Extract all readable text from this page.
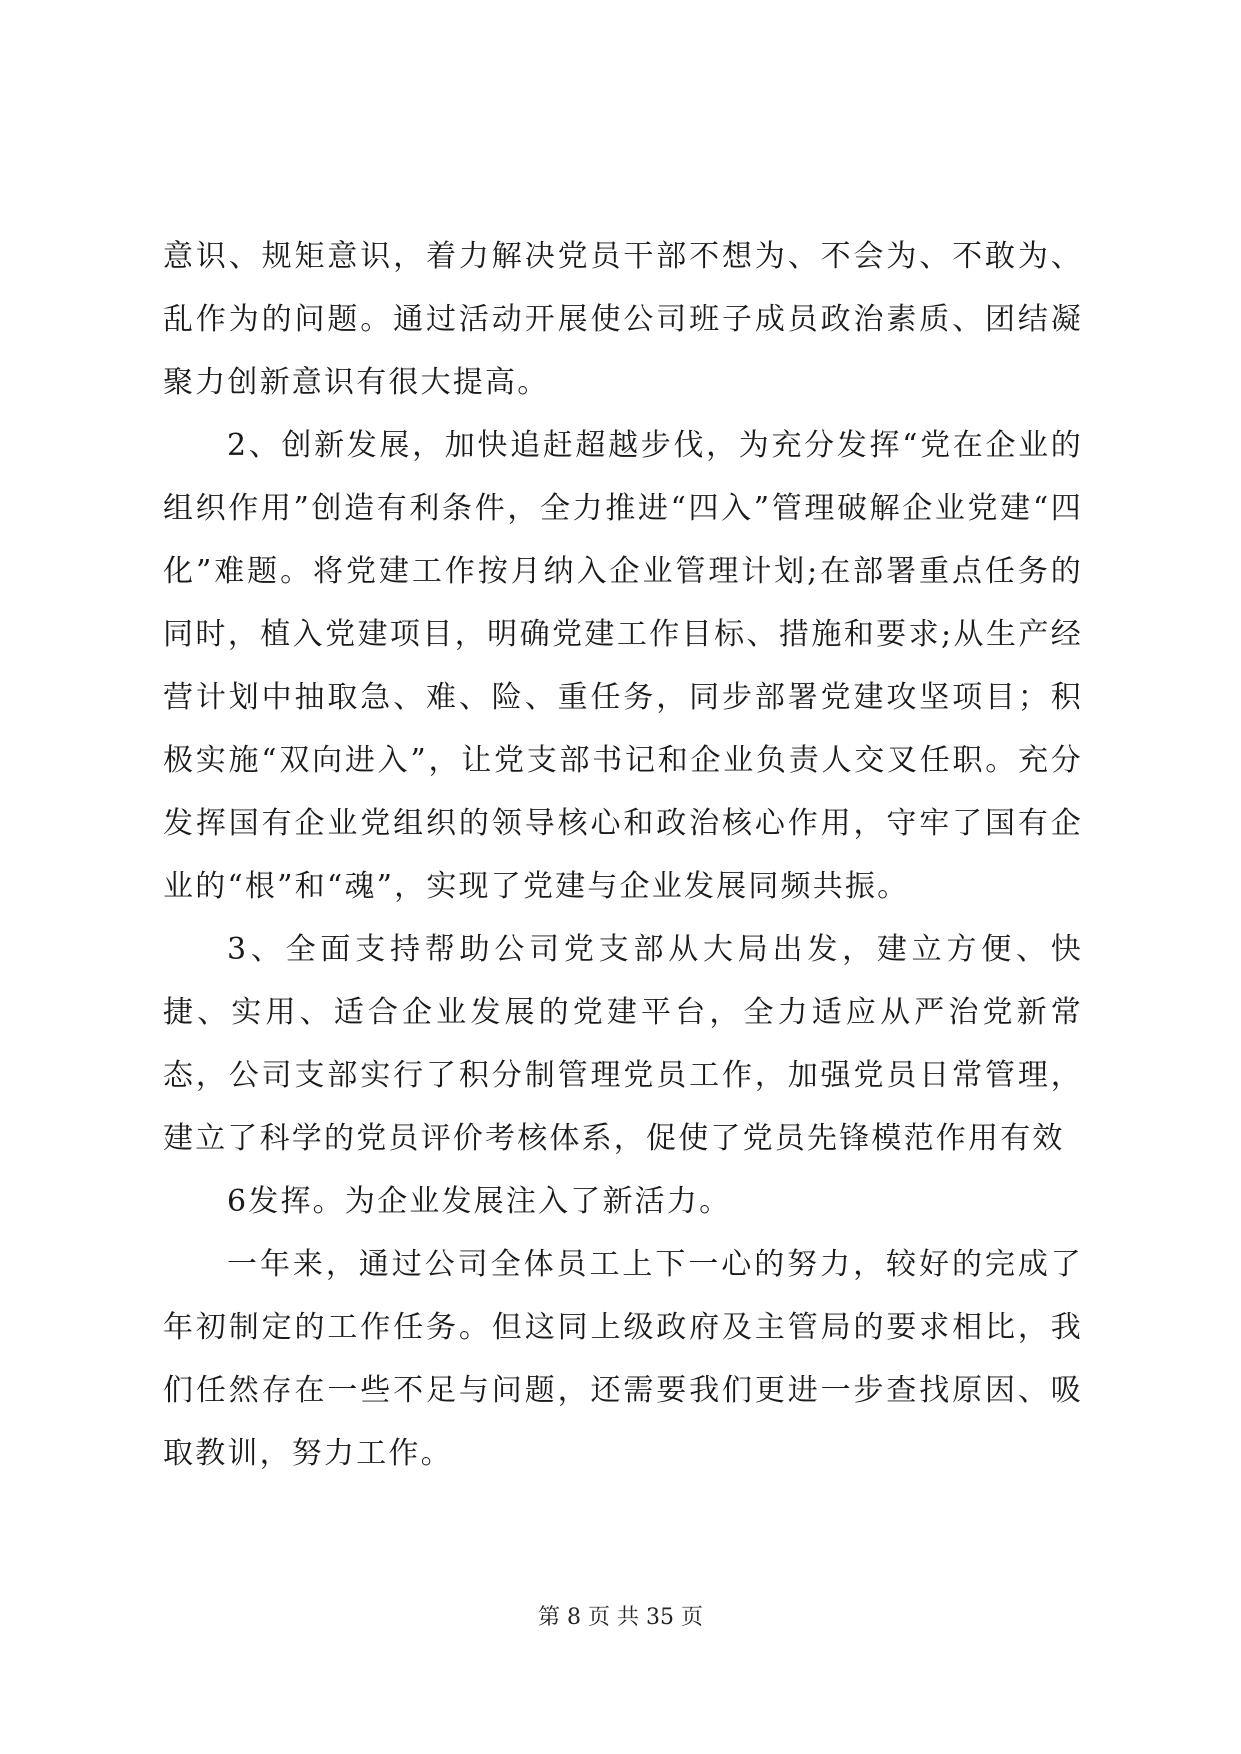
意识、规矩意识，着力解决党员干部不想为、不会为、不敢为、乱作为的问题。通过活动开展使公司班子成员政治素质、团结凝聚力创新意识有很大提高。

2、创新发展，加快追赶超越步伐，为充分发挥“党在企业的组织作用”创造有利条件，全力推进“四入”管理破解企业党建“四化”难题。将党建工作按月纳入企业管理计划;在部署重点任务的同时，植入党建项目，明确党建工作目标、措施和要求;从生产经营计划中抽取急、难、险、重任务，同步部署党建攻坚项目；积极实施“双向进入”，让党支部书记和企业负责人交叉任职。充分发挥国有企业党组织的领导核心和政治核心作用，守牢了国有企业的“根”和“魂”，实现了党建与企业发展同频共振。

3、全面支持帮助公司党支部从大局出发，建立方便、快捷、实用、适合企业发展的党建平台，全力适应从严治党新常态，公司支部实行了积分制管理党员工作，加强党员日常管理，建立了科学的党员评价考核体系，促使了党员先锋模范作用有效

6发挥。为企业发展注入了新活力。

一年来，通过公司全体员工上下一心的努力，较好的完成了年初制定的工作任务。但这同上级政府及主管局的要求相比，我们任然存在一些不足与问题，还需要我们更进一步查找原因、吸取教训，努力工作。

第 8 页 共 35 页
